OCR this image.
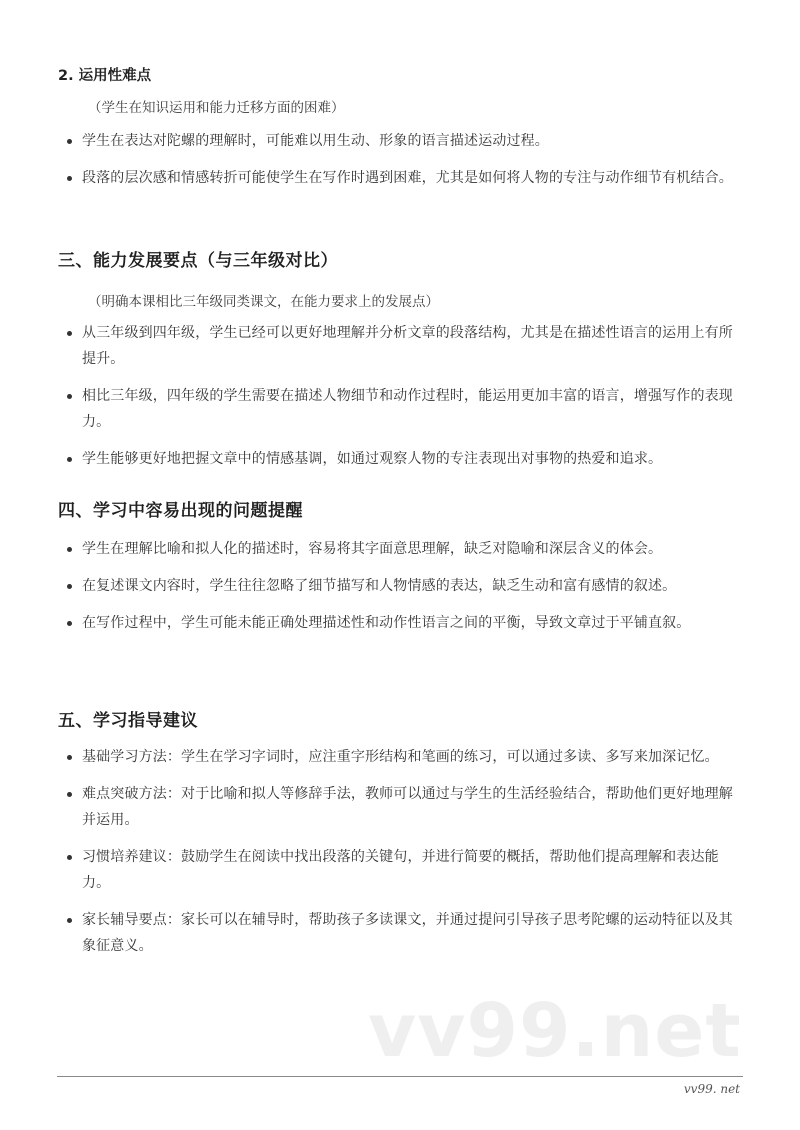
2. 运用性难点
（学生在知识运用和能力迁移方面的困难）
学生在表达对陀螺的理解时，可能难以用生动、形象的语言描述运动过程。
段落的层次感和情感转折可能使学生在写作时遇到困难，尤其是如何将人物的专注与动作细节有机结合。
三、能力发展要点（与三年级对比）
（明确本课相比三年级同类课文，在能力要求上的发展点）
从三年级到四年级，学生已经可以更好地理解并分析文章的段落结构，尤其是在描述性语言的运用上有所提升。
相比三年级，四年级的学生需要在描述人物细节和动作过程时，能运用更加丰富的语言，增强写作的表现力。
学生能够更好地把握文章中的情感基调，如通过观察人物的专注表现出对事物的热爱和追求。
四、学习中容易出现的问题提醒
学生在理解比喻和拟人化的描述时，容易将其字面意思理解，缺乏对隐喻和深层含义的体会。
在复述课文内容时，学生往往忽略了细节描写和人物情感的表达，缺乏生动和富有感情的叙述。
在写作过程中，学生可能未能正确处理描述性和动作性语言之间的平衡，导致文章过于平铺直叙。
五、学习指导建议
基础学习方法：学生在学习字词时，应注重字形结构和笔画的练习，可以通过多读、多写来加深记忆。
难点突破方法：对于比喻和拟人等修辞手法，教师可以通过与学生的生活经验结合，帮助他们更好地理解并运用。
习惯培养建议：鼓励学生在阅读中找出段落的关键句，并进行简要的概括，帮助他们提高理解和表达能力。
家长辅导要点：家长可以在辅导时，帮助孩子多读课文，并通过提问引导孩子思考陀螺的运动特征以及其象征意义。
vv99.net
vv99. net
